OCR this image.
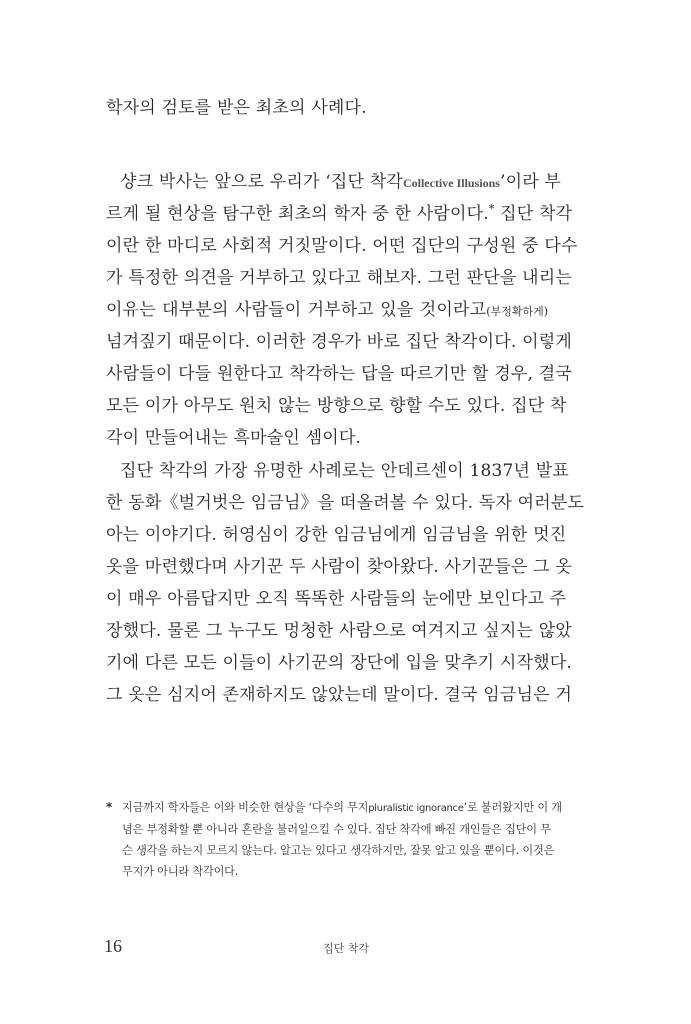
학자의 검토를 받은 최초의 사례다.
샹크 박사는 앞으로 우리가 ‘집단 착각Collective Illusions’이라 부
르게 될 현상을 탐구한 최초의 학자 중 한 사람이다.* 집단 착각
이란 한 마디로 사회적 거짓말이다. 어떤 집단의 구성원 중 다수
가 특정한 의견을 거부하고 있다고 해보자. 그런 판단을 내리는
이유는 대부분의 사람들이 거부하고 있을 것이라고(부정확하게)
넘겨짚기 때문이다. 이러한 경우가 바로 집단 착각이다. 이렇게
사람들이 다들 원한다고 착각하는 답을 따르기만 할 경우, 결국
모든 이가 아무도 원치 않는 방향으로 향할 수도 있다. 집단 착
각이 만들어내는 흑마술인 셈이다.
집단 착각의 가장 유명한 사례로는 안데르센이 1837년 발표
한 동화《벌거벗은 임금님》을 떠올려볼 수 있다. 독자 여러분도
아는 이야기다. 허영심이 강한 임금님에게 임금님을 위한 멋진
옷을 마련했다며 사기꾼 두 사람이 찾아왔다. 사기꾼들은 그 옷
이 매우 아름답지만 오직 똑똑한 사람들의 눈에만 보인다고 주
장했다. 물론 그 누구도 멍청한 사람으로 여겨지고 싶지는 않았
기에 다른 모든 이들이 사기꾼의 장단에 입을 맞추기 시작했다.
그 옷은 심지어 존재하지도 않았는데 말이다. 결국 임금님은 거
* 지금까지 학자들은 이와 비슷한 현상을 ‘다수의 무지pluralistic ignorance’로 불러왔지만 이 개
념은 부정확할 뿐 아니라 혼란을 불러일으킬 수 있다. 집단 착각에 빠진 개인들은 집단이 무
슨 생각을 하는지 모르지 않는다. 알고는 있다고 생각하지만, 잘못 알고 있을 뿐이다. 이것은
무지가 아니라 착각이다.
16	집단 착각
